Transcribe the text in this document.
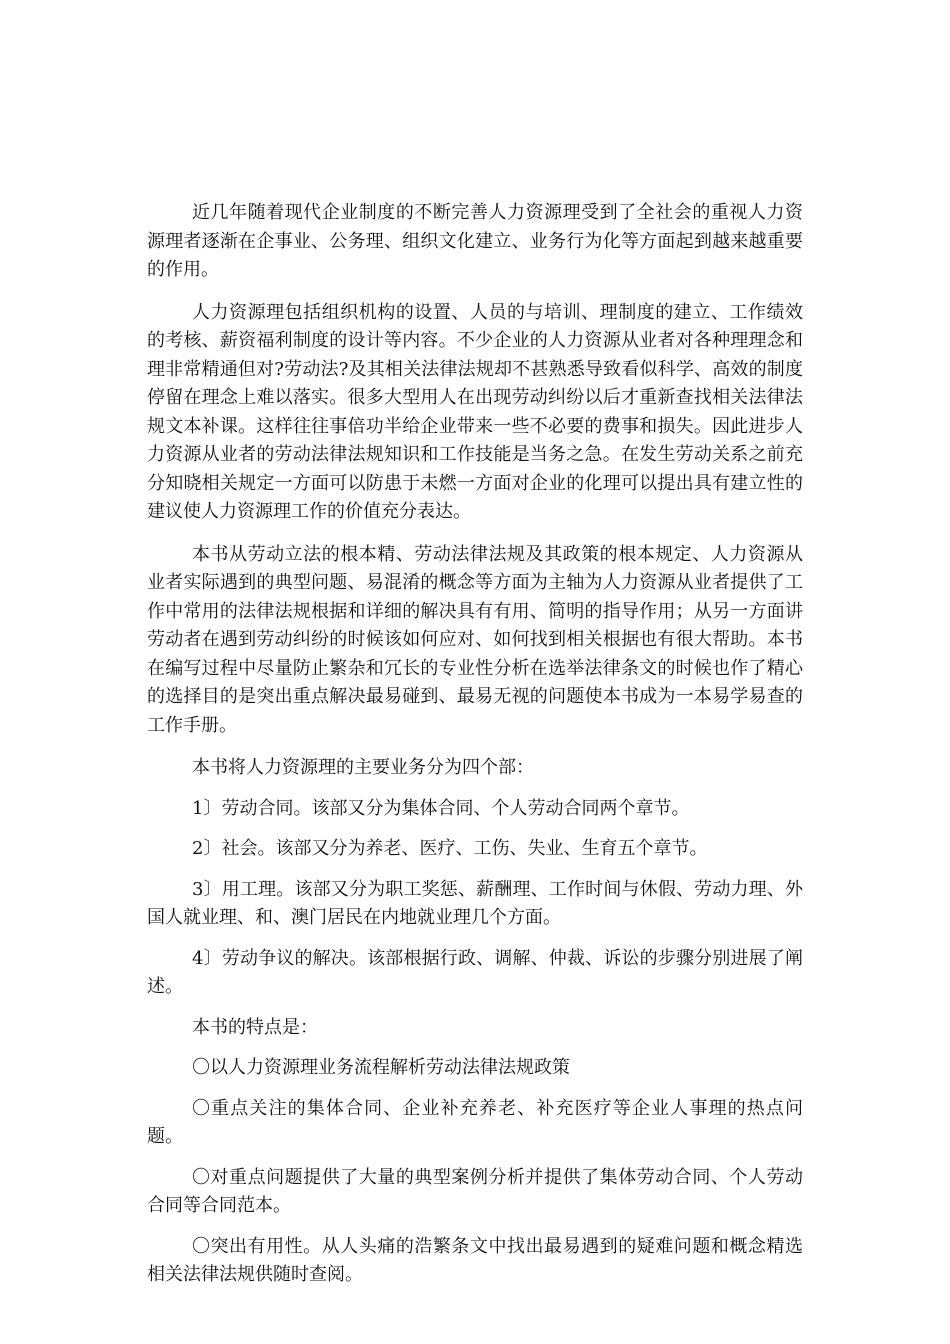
近几年随着现代企业制度的不断完善人力资源理受到了全社会的重视人力资源理者逐渐在企事业、公务理、组织文化建立、业务行为化等方面起到越来越重要的作用。

人力资源理包括组织机构的设置、人员的与培训、理制度的建立、工作绩效的考核、薪资福利制度的设计等内容。不少企业的人力资源从业者对各种理理念和理非常精通但对?劳动法?及其相关法律法规却不甚熟悉导致看似科学、高效的制度停留在理念上难以落实。很多大型用人在出现劳动纠纷以后才重新查找相关法律法规文本补课。这样往往事倍功半给企业带来一些不必要的费事和损失。因此进步人力资源从业者的劳动法律法规知识和工作技能是当务之急。在发生劳动关系之前充分知晓相关规定一方面可以防患于未燃一方面对企业的化理可以提出具有建立性的建议使人力资源理工作的价值充分表达。

本书从劳动立法的根本精、劳动法律法规及其政策的根本规定、人力资源从业者实际遇到的典型问题、易混淆的概念等方面为主轴为人力资源从业者提供了工作中常用的法律法规根据和详细的解决具有有用、简明的指导作用；从另一方面讲劳动者在遇到劳动纠纷的时候该如何应对、如何找到相关根据也有很大帮助。本书在编写过程中尽量防止繁杂和冗长的专业性分析在选举法律条文的时候也作了精心的选择目的是突出重点解决最易碰到、最易无视的问题使本书成为一本易学易查的工作手册。

本书将人力资源理的主要业务分为四个部：

1〕劳动合同。该部又分为集体合同、个人劳动合同两个章节。

2〕社会。该部又分为养老、医疗、工伤、失业、生育五个章节。

3〕用工理。该部又分为职工奖惩、薪酬理、工作时间与休假、劳动力理、外国人就业理、和、澳门居民在内地就业理几个方面。

4〕劳动争议的解决。该部根据行政、调解、仲裁、诉讼的步骤分别进展了阐述。

本书的特点是：

〇以人力资源理业务流程解析劳动法律法规政策

〇重点关注的集体合同、企业补充养老、补充医疗等企业人事理的热点问题。

〇对重点问题提供了大量的典型案例分析并提供了集体劳动合同、个人劳动合同等合同范本。

〇突出有用性。从人头痛的浩繁条文中找出最易遇到的疑难问题和概念精选相关法律法规供随时查阅。
